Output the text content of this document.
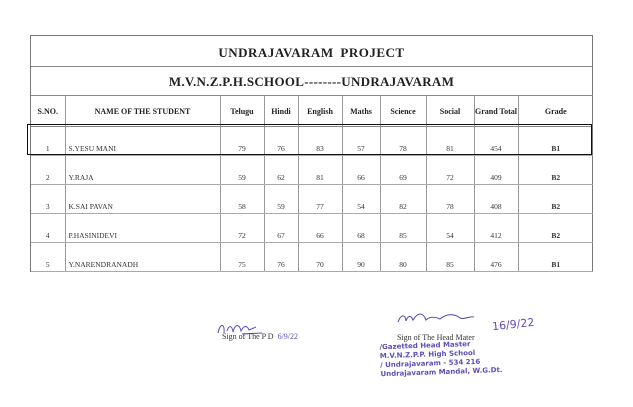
UNDRAJAVARAM PROJECT
M.V.N.Z.P.H.SCHOOL--------UNDRAJAVARAM
S.NO.	NAME OF THE STUDENT	Telugu	Hindi	English	Maths	Science	Social	Grand Total	Grade
1	S.YESU MANI	79	76	83	57	78	81	454	B1
2	Y.RAJA	59	62	81	66	69	72	409	B2
3	K.SAI PAVAN	58	59	77	54	82	78	408	B2
4	P.HASINIDEVI	72	67	66	68	85	54	412	B2
5	Y.NARENDRANADH	75	76	70	90	80	85	476	B1
Sign of The P D 6/9/22
16/9/22
Sign of The Head Mater
/Gazetted Head Master
M.V.N.Z.P.P. High School
/ Undrajavaram - 534 216
Undrajavaram Mandal, W.G.Dt.
